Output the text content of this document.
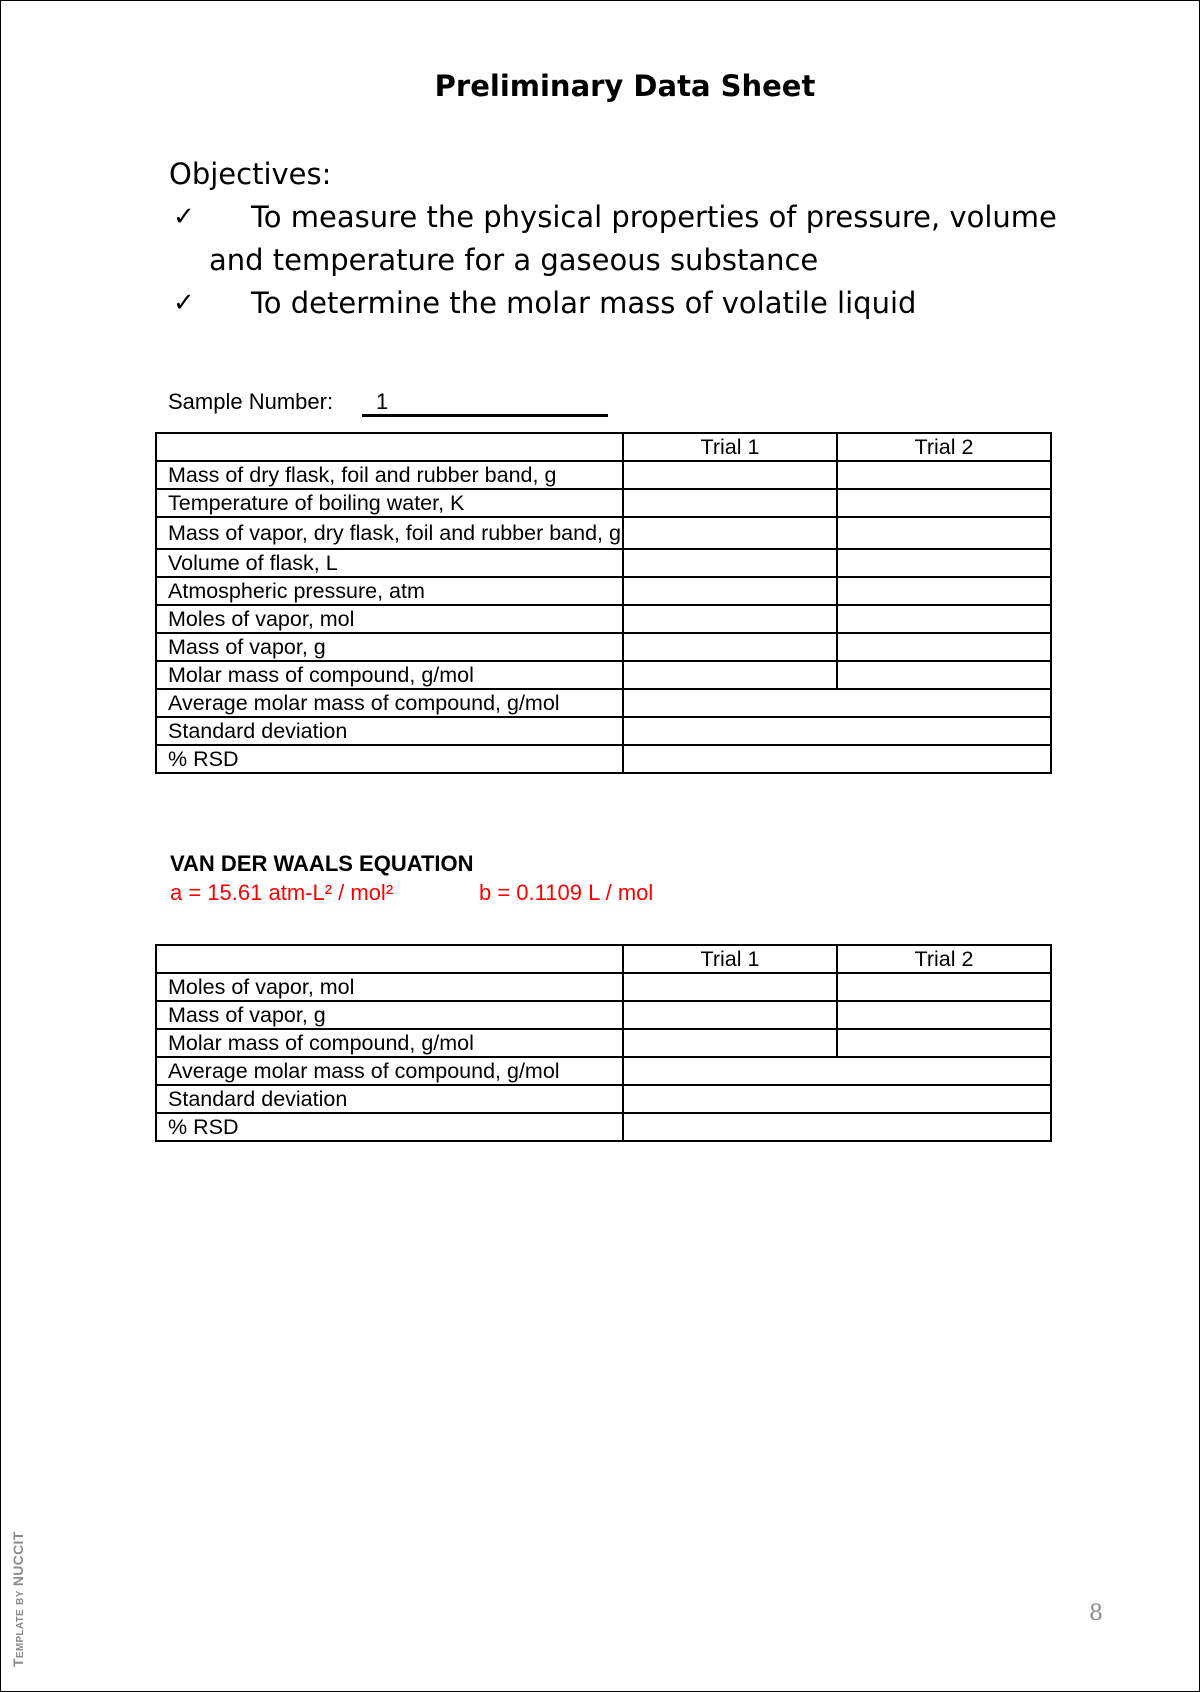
Preliminary Data Sheet
Objectives:
✓ To measure the physical properties of pressure, volume
and temperature for a gaseous substance
✓ To determine the molar mass of volatile liquid
Sample Number:	1
	Trial 1	Trial 2
Mass of dry flask, foil and rubber band, g		
Temperature of boiling water, K		
Mass of vapor, dry flask, foil and rubber band, g		
Volume of flask, L		
Atmospheric pressure, atm		
Moles of vapor, mol		
Mass of vapor, g		
Molar mass of compound, g/mol		
Average molar mass of compound, g/mol		
Standard deviation		
% RSD		
VAN DER WAALS EQUATION
a = 15.61 atm-L² / mol²	b = 0.1109 L / mol
	Trial 1	Trial 2
Moles of vapor, mol		
Mass of vapor, g		
Molar mass of compound, g/mol		
Average molar mass of compound, g/mol		
Standard deviation		
% RSD		
8
Template by NUCCIT
